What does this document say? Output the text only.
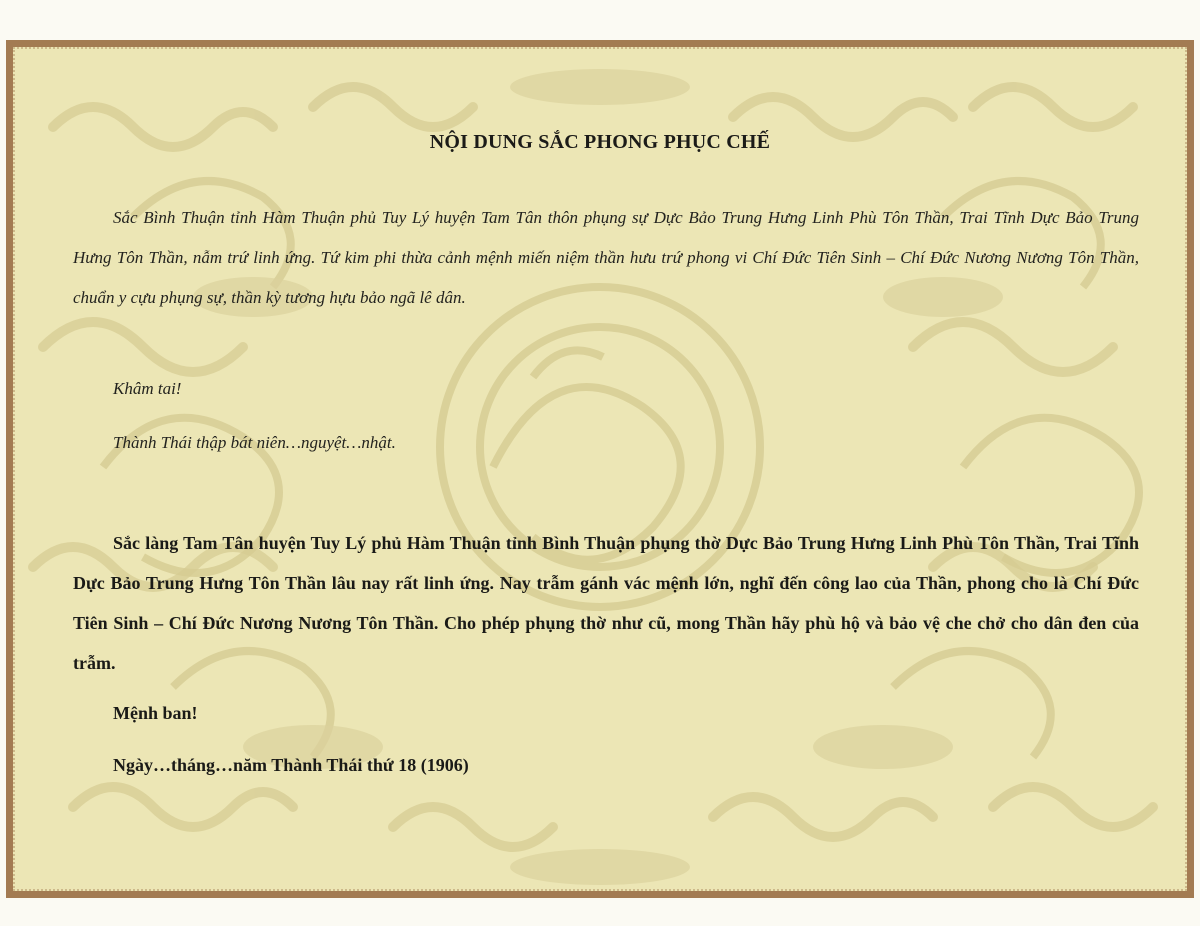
NỘI DUNG SẮC PHONG PHỤC CHẾ

Sắc Bình Thuận tỉnh Hàm Thuận phủ Tuy Lý huyện Tam Tân thôn phụng sự Dực Bảo Trung Hưng Linh Phù Tôn Thần, Trai Tĩnh Dực Bảo Trung Hưng Tôn Thần, nẫm trứ linh ứng. Tứ kim phi thừa cảnh mệnh miến niệm thần hưu trứ phong vi Chí Đức Tiên Sinh – Chí Đức Nương Nương Tôn Thần, chuẩn y cựu phụng sự, thần kỳ tương hựu bảo ngã lê dân.

Khâm tai!

Thành Thái thập bát niên…nguyệt…nhật.

Sắc làng Tam Tân huyện Tuy Lý phủ Hàm Thuận tỉnh Bình Thuận phụng thờ Dực Bảo Trung Hưng Linh Phù Tôn Thần, Trai Tĩnh Dực Bảo Trung Hưng Tôn Thần lâu nay rất linh ứng. Nay trẫm gánh vác mệnh lớn, nghĩ đến công lao của Thần, phong cho là Chí Đức Tiên Sinh – Chí Đức Nương Nương Tôn Thần. Cho phép phụng thờ như cũ, mong Thần hãy phù hộ và bảo vệ che chở cho dân đen của trẫm.

Mệnh ban!

Ngày…tháng…năm Thành Thái thứ 18 (1906)
